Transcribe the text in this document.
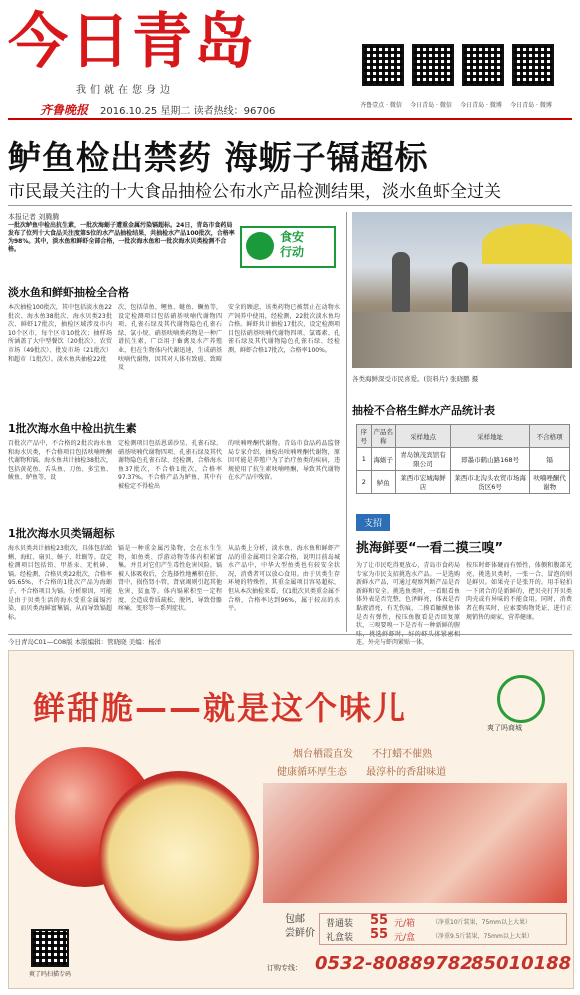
今日青岛
我们就在您身边
齐鲁晚报 2016.10.25 星期二 读者热线：96706
齐鲁壹点 · 微信	今日青岛 · 微信	今日青岛 · 微博	今日青岛 · 微博
鲈鱼检出禁药 海蛎子镉超标
市民最关注的十大食品抽检公布水产品检测结果，淡水鱼虾全过关
本报记者 刘腾腾
一批次鲈鱼中检出抗生素，一批次海蛎子遭重金属污染镉超标。24日，青岛市食药局发布了位列十大食品关注度第5位的水产品抽检结果，共抽检水产品100批次，合格率为98%。其中，淡水鱼和鲜虾全部合格，一批次海水鱼和一批次海水贝类检测不合格。
食安
行动
淡水鱼和鲜虾抽检全合格
本次抽检100批次，其中包括淡水鱼22批次、海水鱼38批次、海水贝类23批次、鲜虾17批次，抽检区域涉及市内10个区市，每个区市10批次；抽样场所涵盖了大中型餐饮（20批次）、农贸市场（49批次）、批发市场（21批次）和超市（1批次）。淡水鱼共抽检22批
次，包括草鱼、鲤鱼、鲢鱼、鳜鱼等，设定检测项目包括硝基呋喃代谢物四项、孔雀石绿及其代谢物隐色孔雀石绿、氯小烷、硝基呋喃类药物是一种广谱抗生素，广泛用于畜禽及水产养殖业，但在生物体内代谢迅速，生成硝基呋喃代谢物，因其对人体有致癌、致畸及
安全的顾虑，该类药物已被禁止在动物水产饲养中使用，经检测，22批次淡水鱼均合格。鲜虾共计抽检17批次，设定检测项目包括硝基呋喃代谢物四项、氯霉素、孔雀石绿及其代谢物隐色孔雀石绿、经检测，鲜虾合格17批次，合格率100%。
1批次海水鱼中检出抗生素
百批次产品中，不合格的2批次海水鱼和海水贝类，不合格项目包括呋喃唑酮代谢物和镉。海水鱼共计抽检38批次，包括黄花鱼、舌头鱼、刀鱼、多宝鱼、鲅鱼、鲈鱼等，设
定检测项目包括恩诺沙星、孔雀石绿、硝基呋喃代谢物四项、孔雀石绿及其代谢物隐色孔雀石绿、经检测，合格海水鱼37批次，不合格1批次，合格率97.37%。不合格产品为鲈鱼，其中有被检定不得检出
的呋喃唑酮代谢物。青岛市食品药品监督局专家介绍，抽检出呋喃唑酮代谢物，原因可能是养殖户为了治疗鱼类的疾病，违规使用了抗生素呋喃唑酮，导致其代谢物在水产品中残留。
1批次海水贝类镉超标
海水贝类共计抽检23批次，具体包括蛤蜊、海虹、扇贝、蛏子、牡蛎等。设定检测项目包括铅、甲基汞、无机砷、镉。经检测，合格贝类22批次，合格率95.65%，不合格的1批次产品为海蛎子，不合格项目为镉。分析原因，可能是由于贝类生活的海水受重金属镉污染，而贝类海鲜富集镉，从而导致镉超标。
镉是一种重金属污染物，会在水生生物，如鱼类、浮游动物等体内积累富集。并且对它们产生毒性危害风险。镉被人体吸收后，会选择性地蓄积在肝，肾中，损伤肾小管，肾衰竭则引起其他危害，贫血等。体内镉累积至一定程度，会造成骨质疏松，脱钙，导致骨骼疼痛，变形等一系列症状。
从品类上分析，淡水鱼、海水鱼和鲜虾产品的重金属项目全部合格，说明目前岛城水产品中，中华大型鱼类也有较安全状况，消费者可以放心食用。由于贝类生存环境的特殊性，其重金属项目容易超标，但从本次抽检来看，仅1批次贝类重金属不合格，合格率达到96%，属于较高的水平。
各类海鲜深受市民喜爱。(资料片) 张晓鹏 摄
抽检不合格生鲜水产品统计表
序号	产品名称	采样地点	采样地址	不合格项
1	海蛎子	青岛镇茂宾馆有限公司	即墨市鹤山路168号	镉
2	鲈鱼	莱西市宏城海鲜店	莱西市北沟头农贸市场海货区6号	呋喃唑酮代谢物
支招
挑海鲜要“一看二摸三嗅”
为了让市民吃得更放心，青岛市食药局专家为市民支招挑选水产品。一是选购新鲜水产品，可通过观察判断产品是否新鲜和安全。挑选鱼类时，一看眼看鱼体外表是否完整，色泽鲜亮，体表是否黏液清亮，有无伤痕，二摸看触摸鱼体是否有弹性，按压鱼腹看是否回复原状，三嗅要嗅一下是否有一种新鲜的腥 连，外壳与虾肉紧贴一体，
按压时虾体硬而有弹性，体侧和腹部光亮，挑选贝类时，一张一合、冒泡的则是鲜贝。如果壳子是张开的，用手轻拍一下闭合的是新鲜的，把贝壳打开贝类肉壳或有异味的不能食用。同时，消费者在购买时，应索要购物凭证，进行正规销售的商家，营养健康。
今日青岛C01—C08版 本版编辑：管晓晓 美编：杨洋
鲜甜脆——就是这个味儿
爽了吗商城
烟台栖霞直发      不打蜡不催熟
健康循环厚生态      最淳朴的香甜味道
包邮
尝鲜价
普通装 55 元/箱	（净重10斤装果，75mm以上大果）
礼盒装 55 元/盒	（净重9.5斤装果，75mm以上大果）
订购专线： 0532-80889782
85010188
爽了吗扫描专码
